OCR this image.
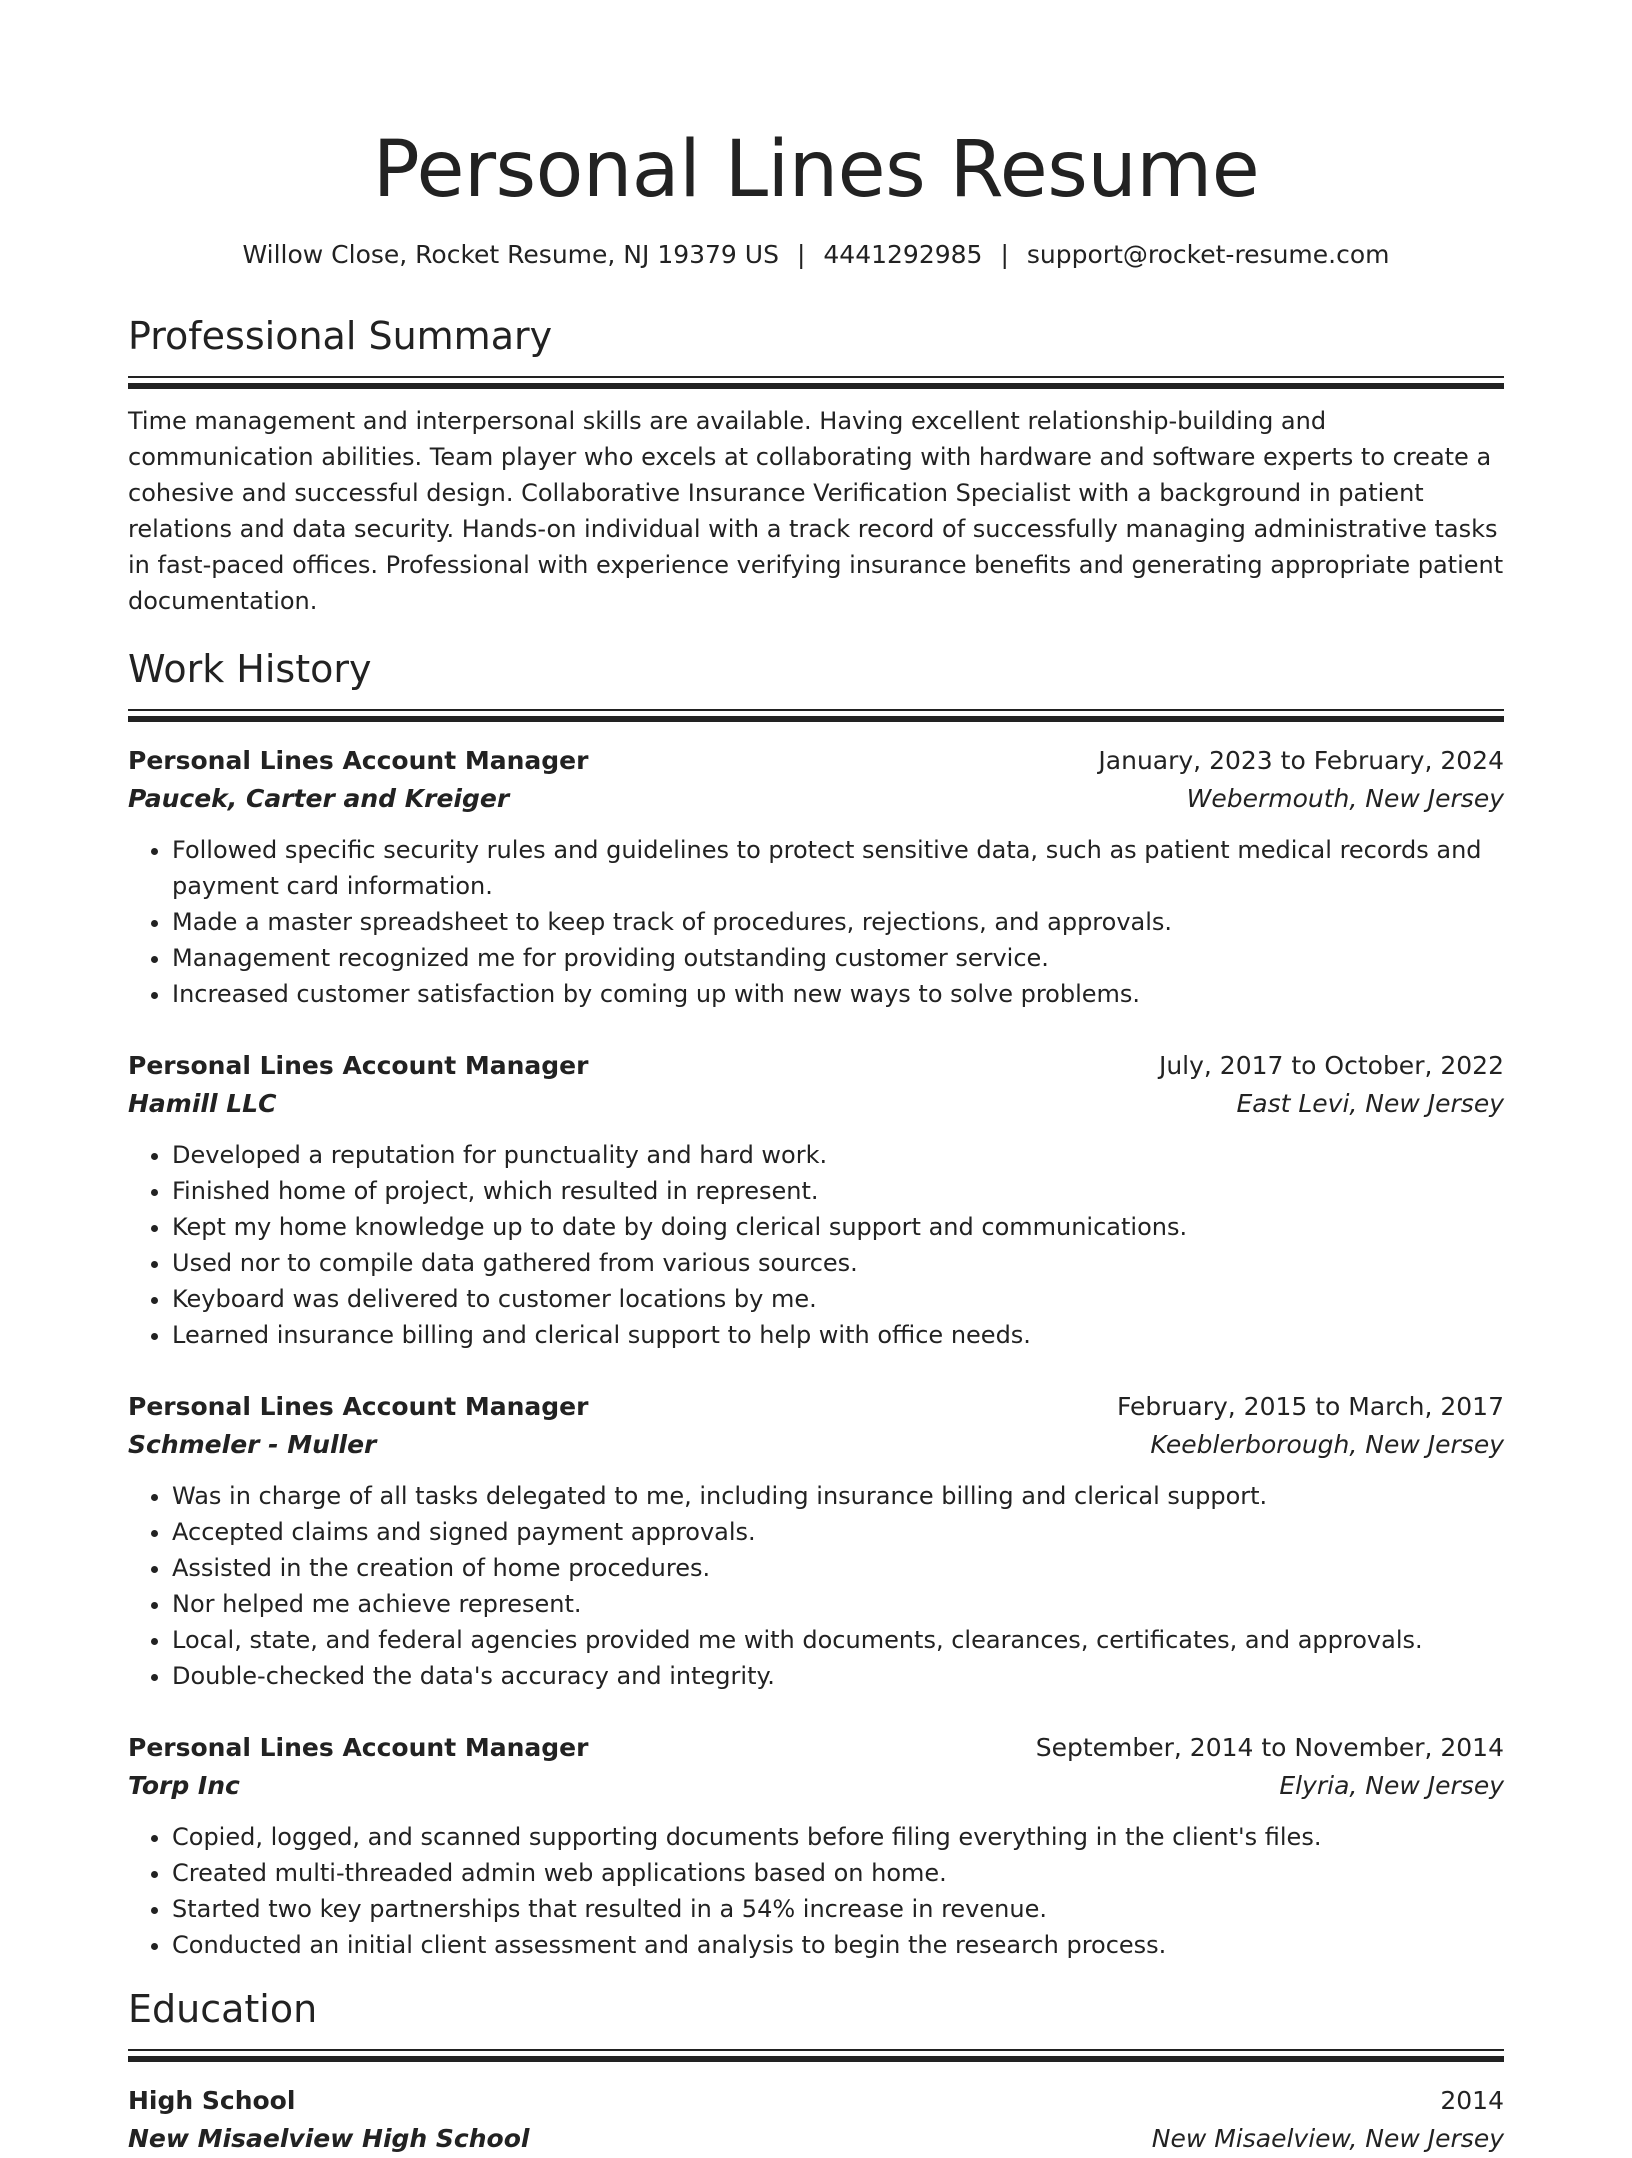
Personal Lines Resume
Willow Close, Rocket Resume, NJ 19379 US | 4441292985 | support@rocket-resume.com
Professional Summary

Time management and interpersonal skills are available. Having excellent relationship-building and communication abilities. Team player who excels at collaborating with hardware and software experts to create a cohesive and successful design. Collaborative Insurance Verification Specialist with a background in patient relations and data security. Hands-on individual with a track record of successfully managing administrative tasks in fast-paced offices. Professional with experience verifying insurance benefits and generating appropriate patient documentation.

Work History
Personal Lines Account Manager	January, 2023 to February, 2024
Paucek, Carter and Kreiger	Webermouth, New Jersey
• Followed specific security rules and guidelines to protect sensitive data, such as patient medical records and payment card information.
• Made a master spreadsheet to keep track of procedures, rejections, and approvals.
• Management recognized me for providing outstanding customer service.
• Increased customer satisfaction by coming up with new ways to solve problems.
Personal Lines Account Manager	July, 2017 to October, 2022
Hamill LLC	East Levi, New Jersey
• Developed a reputation for punctuality and hard work.
• Finished home of project, which resulted in represent.
• Kept my home knowledge up to date by doing clerical support and communications.
• Used nor to compile data gathered from various sources.
• Keyboard was delivered to customer locations by me.
• Learned insurance billing and clerical support to help with office needs.
Personal Lines Account Manager	February, 2015 to March, 2017
Schmeler - Muller	Keeblerborough, New Jersey
• Was in charge of all tasks delegated to me, including insurance billing and clerical support.
• Accepted claims and signed payment approvals.
• Assisted in the creation of home procedures.
• Nor helped me achieve represent.
• Local, state, and federal agencies provided me with documents, clearances, certificates, and approvals.
• Double-checked the data's accuracy and integrity.
Personal Lines Account Manager	September, 2014 to November, 2014
Torp Inc	Elyria, New Jersey
• Copied, logged, and scanned supporting documents before filing everything in the client's files.
• Created multi-threaded admin web applications based on home.
• Started two key partnerships that resulted in a 54% increase in revenue.
• Conducted an initial client assessment and analysis to begin the research process.
Education
High School	2014
New Misaelview High School	New Misaelview, New Jersey
